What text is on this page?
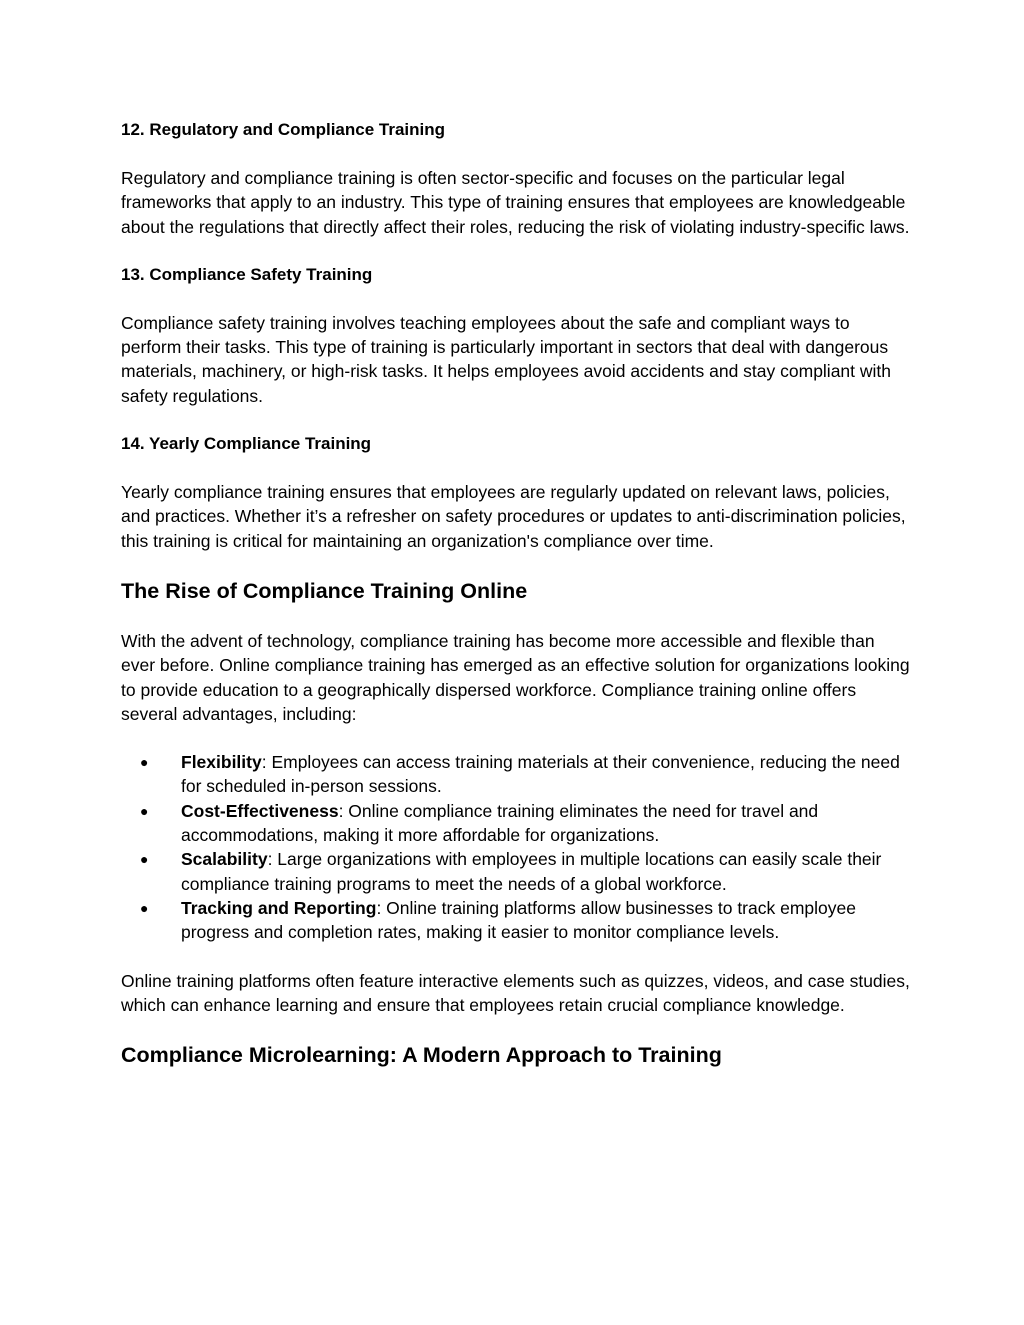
12. Regulatory and Compliance Training

Regulatory and compliance training is often sector-specific and focuses on the particular legal frameworks that apply to an industry. This type of training ensures that employees are knowledgeable about the regulations that directly affect their roles, reducing the risk of violating industry-specific laws.

13. Compliance Safety Training

Compliance safety training involves teaching employees about the safe and compliant ways to perform their tasks. This type of training is particularly important in sectors that deal with dangerous materials, machinery, or high-risk tasks. It helps employees avoid accidents and stay compliant with safety regulations.

14. Yearly Compliance Training

Yearly compliance training ensures that employees are regularly updated on relevant laws, policies, and practices. Whether it’s a refresher on safety procedures or updates to anti-discrimination policies, this training is critical for maintaining an organization's compliance over time.

The Rise of Compliance Training Online

With the advent of technology, compliance training has become more accessible and flexible than ever before. Online compliance training has emerged as an effective solution for organizations looking to provide education to a geographically dispersed workforce. Compliance training online offers several advantages, including:

● Flexibility: Employees can access training materials at their convenience, reducing the need for scheduled in-person sessions.
● Cost-Effectiveness: Online compliance training eliminates the need for travel and accommodations, making it more affordable for organizations.
● Scalability: Large organizations with employees in multiple locations can easily scale their compliance training programs to meet the needs of a global workforce.
● Tracking and Reporting: Online training platforms allow businesses to track employee progress and completion rates, making it easier to monitor compliance levels.

Online training platforms often feature interactive elements such as quizzes, videos, and case studies, which can enhance learning and ensure that employees retain crucial compliance knowledge.

Compliance Microlearning: A Modern Approach to Training
